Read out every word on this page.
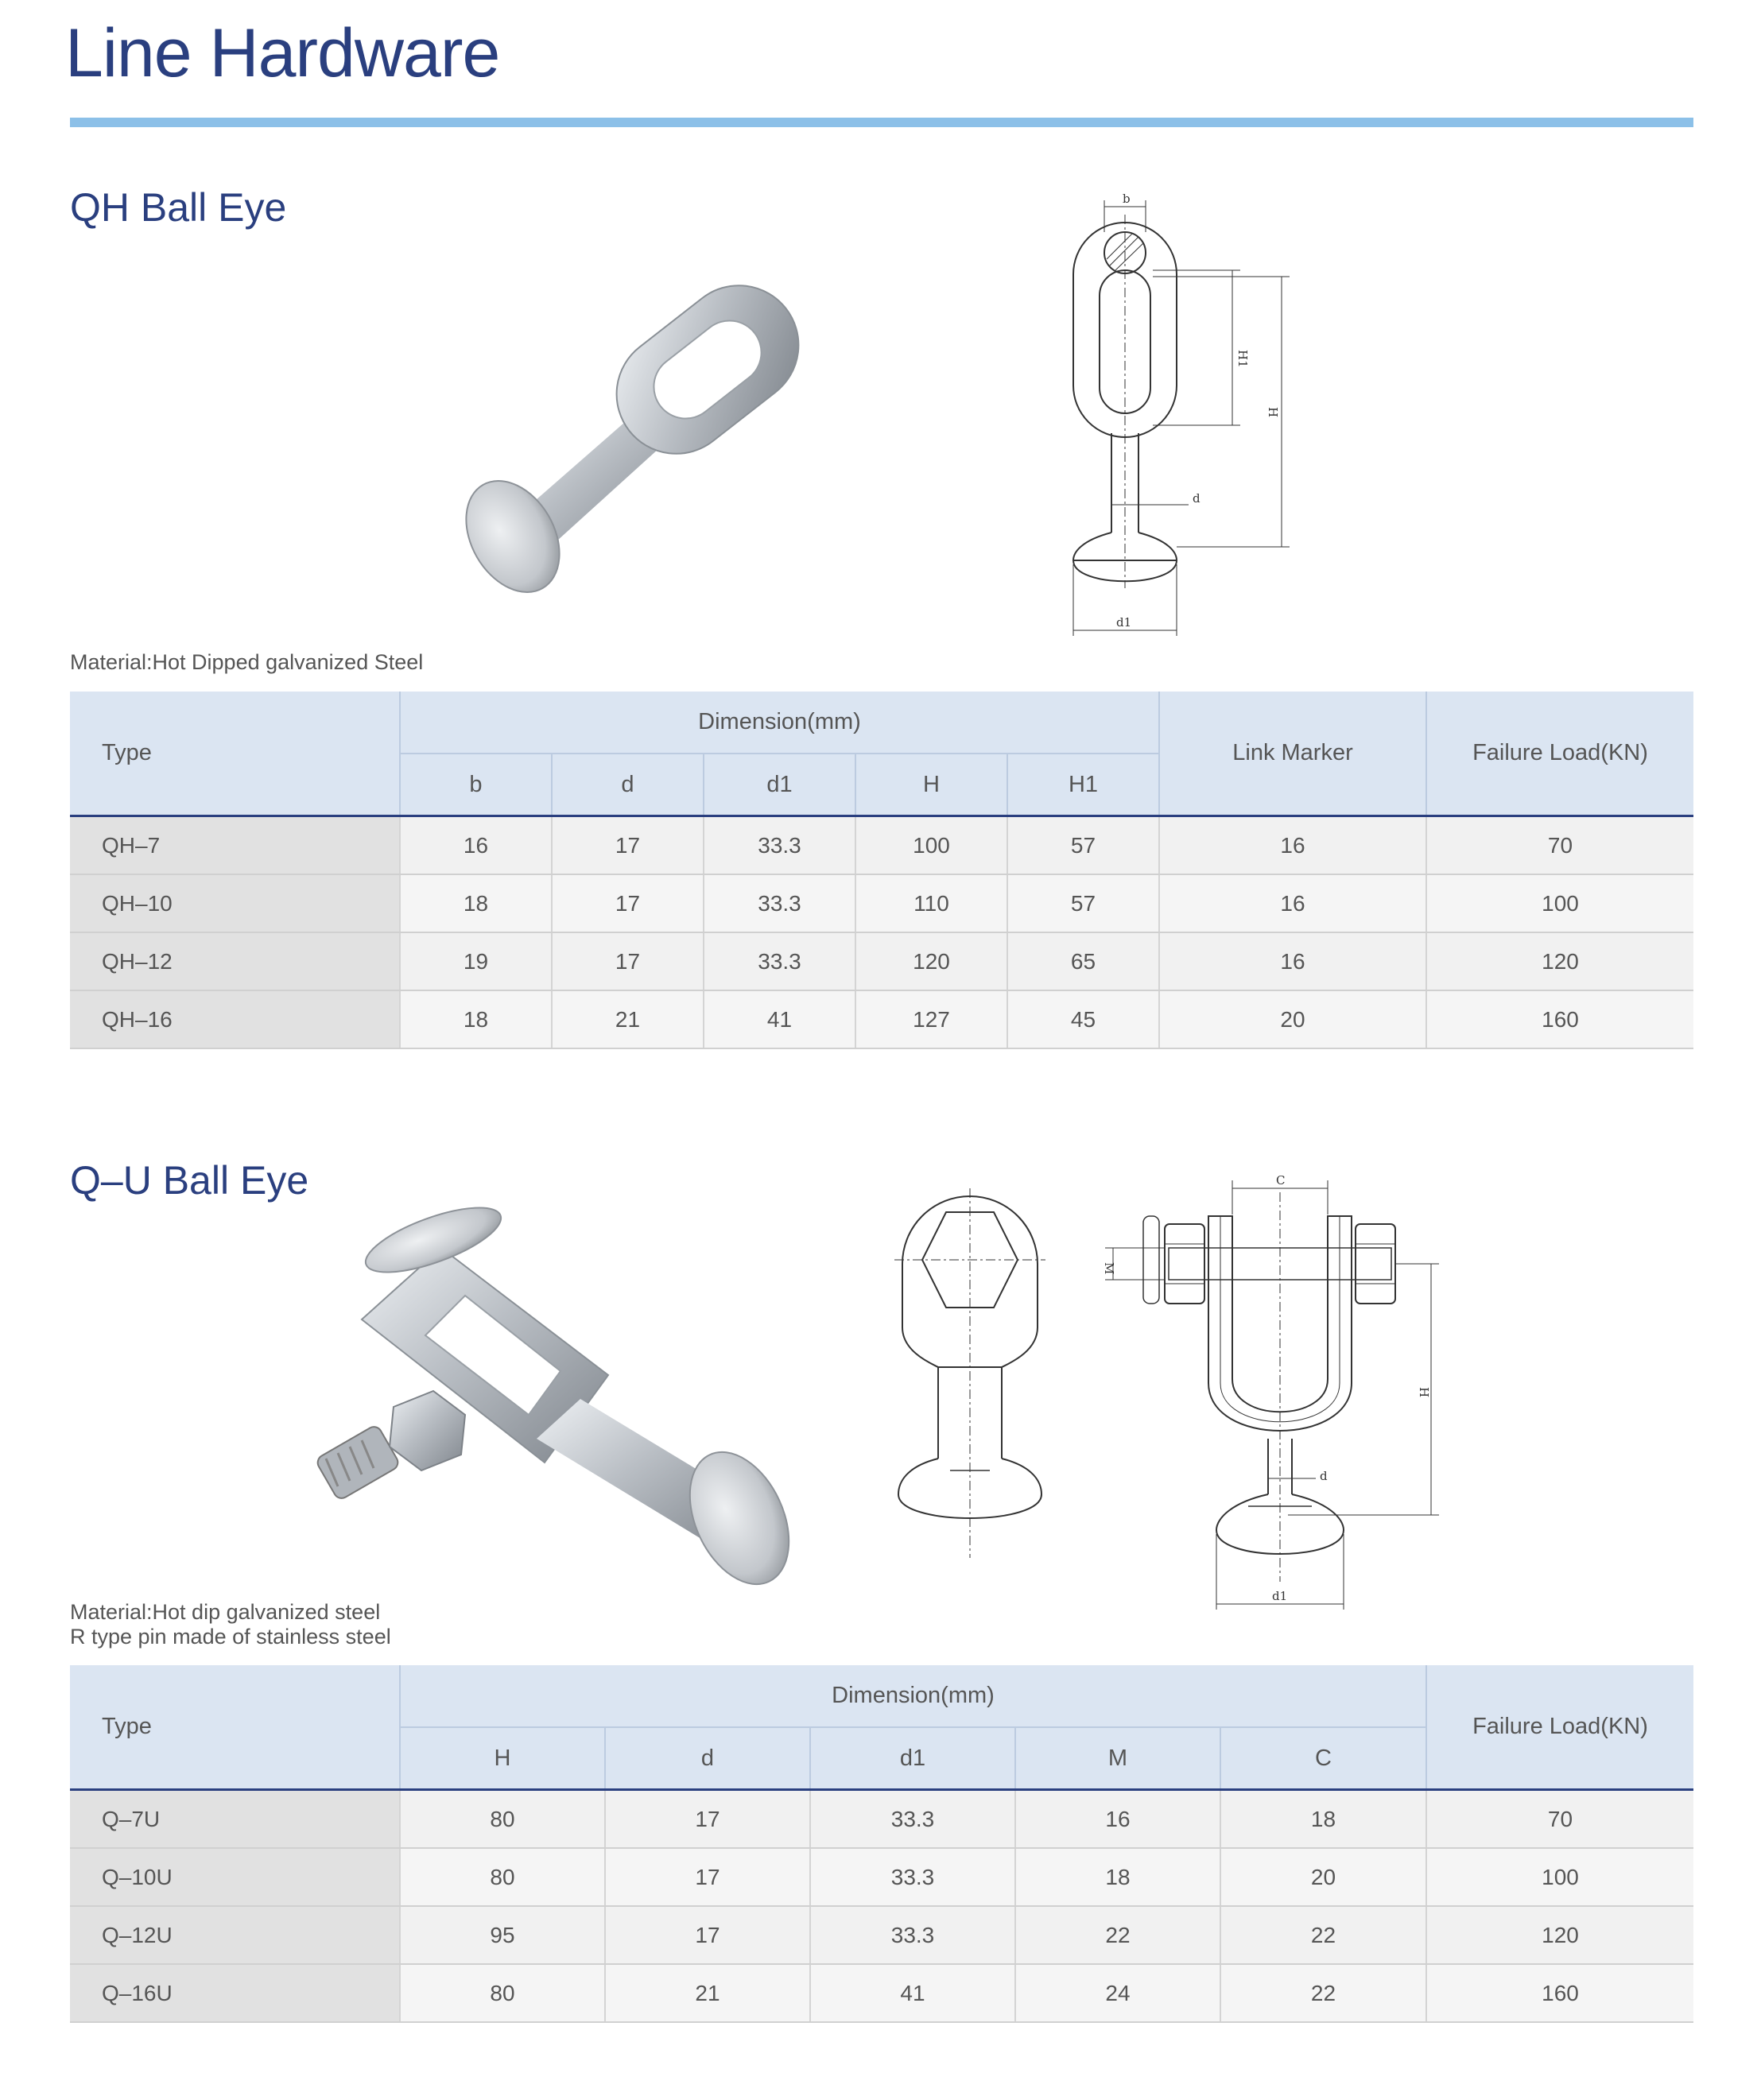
Line Hardware
QH Ball Eye	b
H1
H
d
d1
Material:Hot Dipped galvanized Steel
Type	Dimension(mm)					Link Marker	Failure Load(KN)
	b	d	d1	H	H1		
QH–7	16	17	33.3	100	57	16	70
QH–10	18	17	33.3	110	57	16	100
QH–12	19	17	33.3	120	65	16	120
QH–16	18	21	41	127	45	20	160
Q–U Ball Eye	C
M
H
d
d1
Material:Hot dip galvanized steel
R type pin made of stainless steel
Type	Dimension(mm)					Failure Load(KN)
	H	d	d1	M	C	
Q–7U	80	17	33.3	16	18	70
Q–10U	80	17	33.3	18	20	100
Q–12U	95	17	33.3	22	22	120
Q–16U	80	21	41	24	22	160
